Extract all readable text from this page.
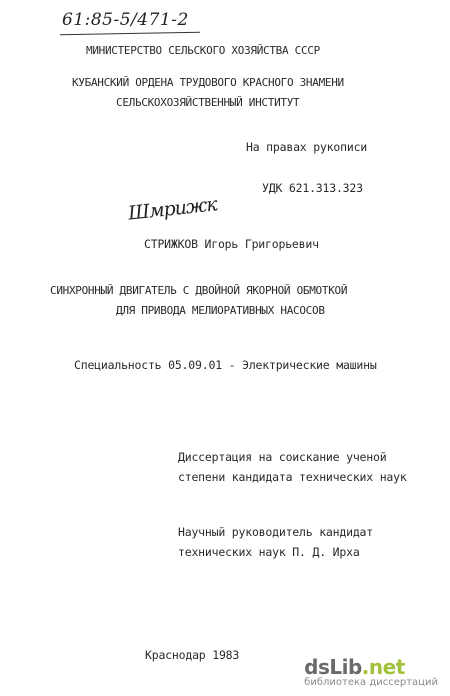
61:85-5/471-2
МИНИСТЕРСТВО СЕЛЬСКОГО ХОЗЯЙСТВА СССР
КУБАНСКИЙ ОРДЕНА ТРУДОВОГО КРАСНОГО ЗНАМЕНИ
СЕЛЬСКОХОЗЯЙСТВЕННЫЙ ИНСТИТУТ
На правах рукописи
УДК 621.313.323
Шмрижк
СТРИЖКОВ Игорь Григорьевич
СИНХРОННЫЙ ДВИГАТЕЛЬ С ДВОЙНОЙ ЯКОРНОЙ ОБМОТКОЙ
ДЛЯ ПРИВОДА МЕЛИОРАТИВНЫХ НАСОСОВ
Специальность 05.09.01 - Электрические машины
Диссертация на соискание ученой
степени кандидата технических наук
Научный руководитель кандидат
технических наук П. Д. Ирха
Краснодар 1983	dsLib.net
библиотека диссертаций
